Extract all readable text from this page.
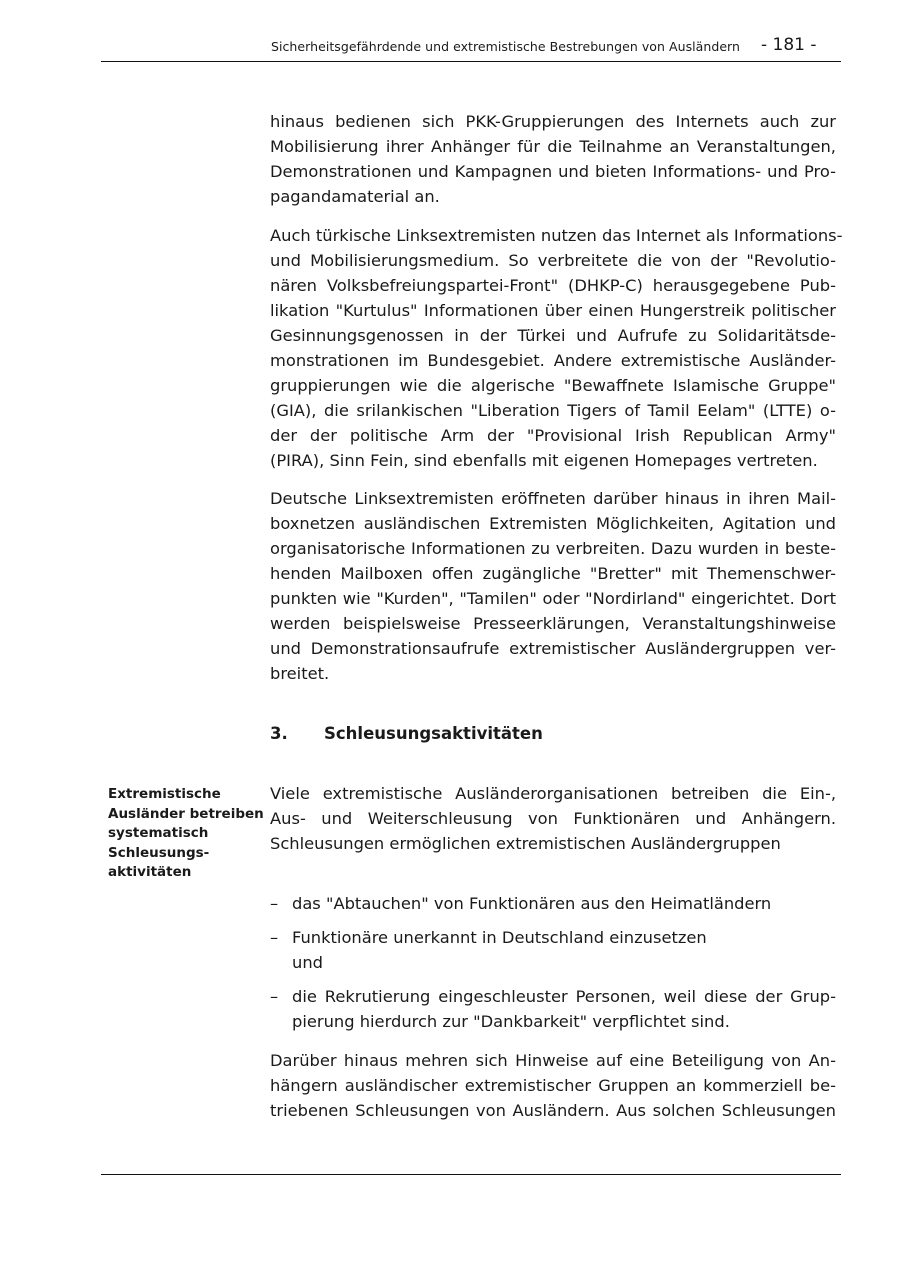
Sicherheitsgefährdende und extremistische Bestrebungen von Ausländern - 181 -
hinaus bedienen sich PKK-Gruppierungen des Internets auch zur
Mobilisierung ihrer Anhänger für die Teilnahme an Veranstaltungen,
Demonstrationen und Kampagnen und bieten Informations- und Pro-
pagandamaterial an.
Auch türkische Linksextremisten nutzen das Internet als Informations-
und Mobilisierungsmedium. So verbreitete die von der "Revolutio-
nären Volksbefreiungspartei-Front" (DHKP-C) herausgegebene Pub-
likation "Kurtulus" Informationen über einen Hungerstreik politischer
Gesinnungsgenossen in der Türkei und Aufrufe zu Solidaritätsde-
monstrationen im Bundesgebiet. Andere extremistische Ausländer-
gruppierungen wie die algerische "Bewaffnete Islamische Gruppe"
(GIA), die srilankischen "Liberation Tigers of Tamil Eelam" (LTTE) o-
der der politische Arm der "Provisional Irish Republican Army"
(PIRA), Sinn Fein, sind ebenfalls mit eigenen Homepages vertreten.
Deutsche Linksextremisten eröffneten darüber hinaus in ihren Mail-
boxnetzen ausländischen Extremisten Möglichkeiten, Agitation und
organisatorische Informationen zu verbreiten. Dazu wurden in beste-
henden Mailboxen offen zugängliche "Bretter" mit Themenschwer-
punkten wie "Kurden", "Tamilen" oder "Nordirland" eingerichtet. Dort
werden beispielsweise Presseerklärungen, Veranstaltungshinweise
und Demonstrationsaufrufe extremistischer Ausländergruppen ver-
breitet.
3. Schleusungsaktivitäten
Extremistische
Ausländer betreiben
systematisch
Schleusungs-
aktivitäten
Viele extremistische Ausländerorganisationen betreiben die Ein-,
Aus- und Weiterschleusung von Funktionären und Anhängern.
Schleusungen ermöglichen extremistischen Ausländergruppen
– das "Abtauchen" von Funktionären aus den Heimatländern
– Funktionäre unerkannt in Deutschland einzusetzen
und
– die Rekrutierung eingeschleuster Personen, weil diese der Grup-
pierung hierdurch zur "Dankbarkeit" verpflichtet sind.
Darüber hinaus mehren sich Hinweise auf eine Beteiligung von An-
hängern ausländischer extremistischer Gruppen an kommerziell be-
triebenen Schleusungen von Ausländern. Aus solchen Schleusungen
